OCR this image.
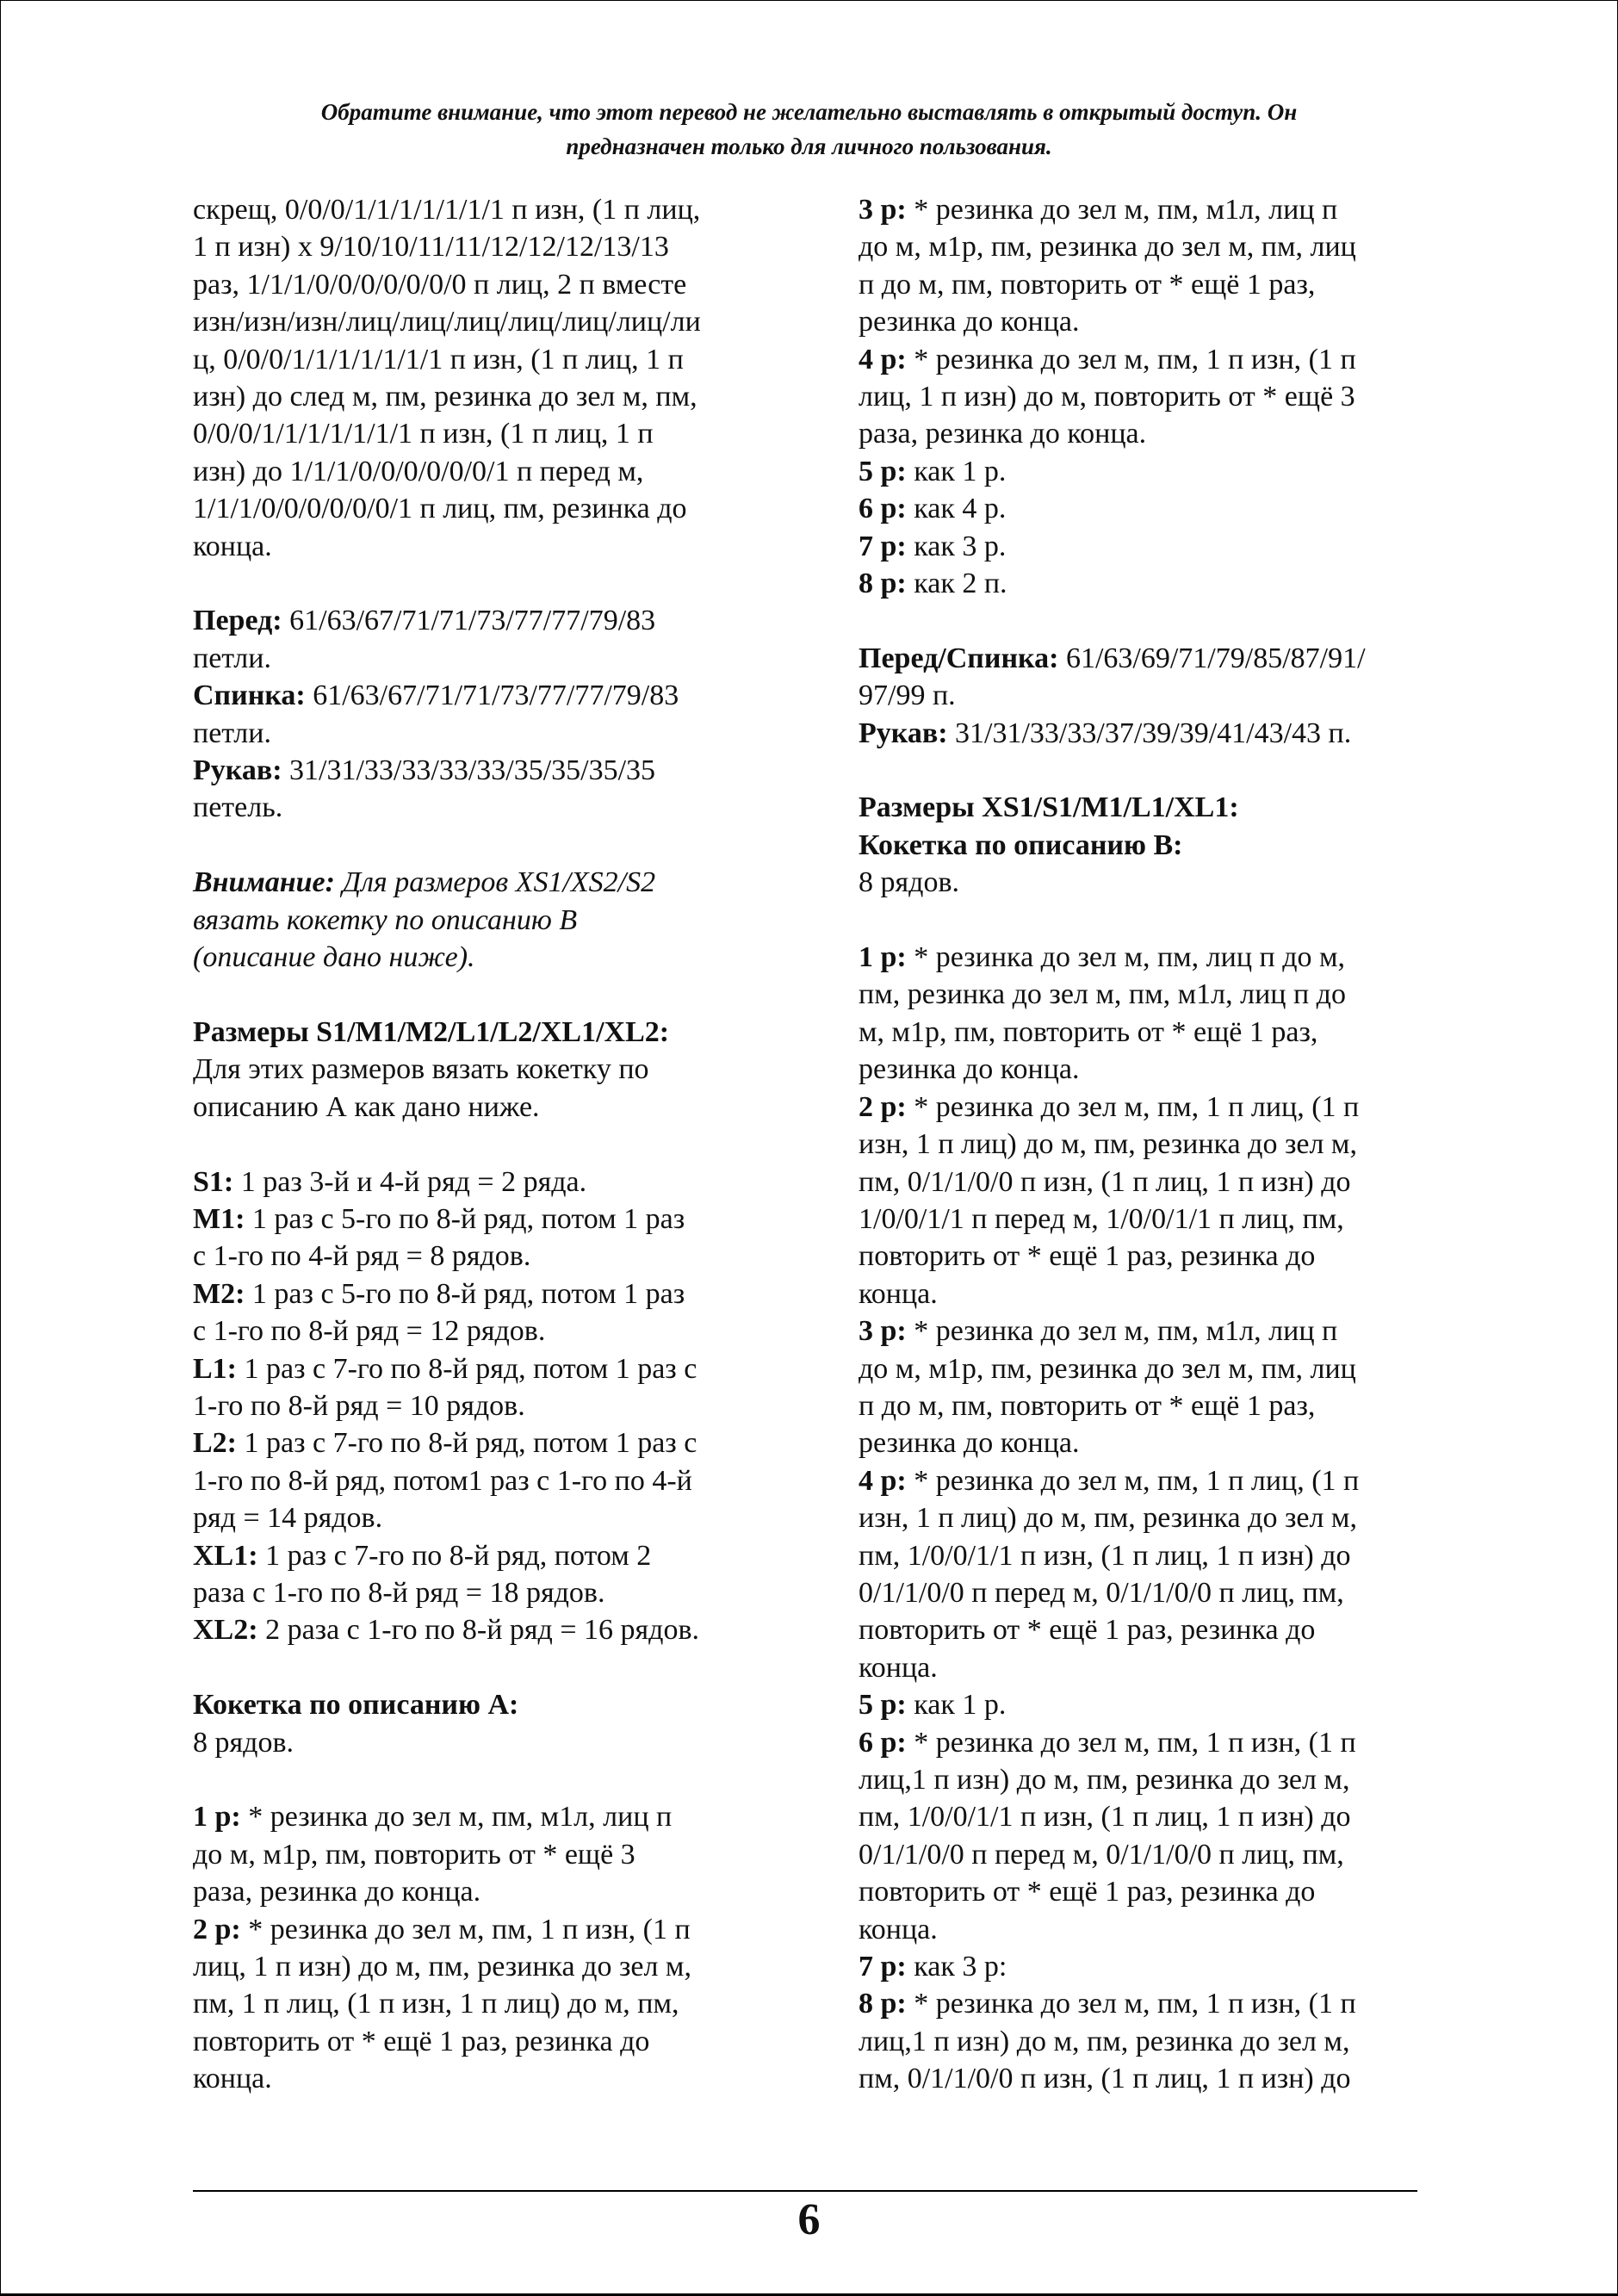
Обратите внимание, что этот перевод не желательно выставлять в открытый доступ. Он
предназначен только для личного пользования.
скрещ, 0/0/0/1/1/1/1/1/1/1 п изн, (1 п лиц,
1 п изн) х 9/10/10/11/11/12/12/12/13/13
раз, 1/1/1/0/0/0/0/0/0/0 п лиц, 2 п вместе
изн/изн/изн/лиц/лиц/лиц/лиц/лиц/лиц/ли
ц, 0/0/0/1/1/1/1/1/1/1 п изн, (1 п лиц, 1 п
изн) до след м, пм, резинка до зел м, пм,
0/0/0/1/1/1/1/1/1/1 п изн, (1 п лиц, 1 п
изн) до 1/1/1/0/0/0/0/0/0/1 п перед м,
1/1/1/0/0/0/0/0/0/1 п лиц, пм, резинка до
конца.
Перед: 61/63/67/71/71/73/77/77/79/83
петли.
Спинка: 61/63/67/71/71/73/77/77/79/83
петли.
Рукав: 31/31/33/33/33/33/35/35/35/35
петель.
Внимание: Для размеров XS1/XS2/S2
вязать кокетку по описанию В
(описание дано ниже).
Размеры S1/M1/M2/L1/L2/XL1/XL2:
Для этих размеров вязать кокетку по
описанию А как дано ниже.
S1: 1 раз 3-й и 4-й ряд = 2 ряда.
M1: 1 раз с 5-го по 8-й ряд, потом 1 раз
с 1-го по 4-й ряд = 8 рядов.
M2: 1 раз с 5-го по 8-й ряд, потом 1 раз
с 1-го по 8-й ряд = 12 рядов.
L1: 1 раз с 7-го по 8-й ряд, потом 1 раз с
1-го по 8-й ряд = 10 рядов.
L2: 1 раз с 7-го по 8-й ряд, потом 1 раз с
1-го по 8-й ряд, потом1 раз с 1-го по 4-й
ряд = 14 рядов.
XL1: 1 раз с 7-го по 8-й ряд, потом 2
раза с 1-го по 8-й ряд = 18 рядов.
XL2: 2 раза с 1-го по 8-й ряд = 16 рядов.
Кокетка по описанию А:
8 рядов.
1 р: * резинка до зел м, пм, м1л, лиц п
до м, м1р, пм, повторить от * ещё 3
раза, резинка до конца.
2 р: * резинка до зел м, пм, 1 п изн, (1 п
лиц, 1 п изн) до м, пм, резинка до зел м,
пм, 1 п лиц, (1 п изн, 1 п лиц) до м, пм,
повторить от * ещё 1 раз, резинка до
конца.
3 р: * резинка до зел м, пм, м1л, лиц п
до м, м1р, пм, резинка до зел м, пм, лиц
п до м, пм, повторить от * ещё 1 раз,
резинка до конца.
4 р: * резинка до зел м, пм, 1 п изн, (1 п
лиц, 1 п изн) до м, повторить от * ещё 3
раза, резинка до конца.
5 р: как 1 р.
6 р: как 4 р.
7 р: как 3 р.
8 р: как 2 п.
Перед/Спинка: 61/63/69/71/79/85/87/91/
97/99 п.
Рукав: 31/31/33/33/37/39/39/41/43/43 п.
Размеры XS1/S1/M1/L1/XL1:
Кокетка по описанию В:
8 рядов.
1 р: * резинка до зел м, пм, лиц п до м,
пм, резинка до зел м, пм, м1л, лиц п до
м, м1р, пм, повторить от * ещё 1 раз,
резинка до конца.
2 р: * резинка до зел м, пм, 1 п лиц, (1 п
изн, 1 п лиц) до м, пм, резинка до зел м,
пм, 0/1/1/0/0 п изн, (1 п лиц, 1 п изн) до
1/0/0/1/1 п перед м, 1/0/0/1/1 п лиц, пм,
повторить от * ещё 1 раз, резинка до
конца.
3 р: * резинка до зел м, пм, м1л, лиц п
до м, м1р, пм, резинка до зел м, пм, лиц
п до м, пм, повторить от * ещё 1 раз,
резинка до конца.
4 р: * резинка до зел м, пм, 1 п лиц, (1 п
изн, 1 п лиц) до м, пм, резинка до зел м,
пм, 1/0/0/1/1 п изн, (1 п лиц, 1 п изн) до
0/1/1/0/0 п перед м, 0/1/1/0/0 п лиц, пм,
повторить от * ещё 1 раз, резинка до
конца.
5 р: как 1 р.
6 р: * резинка до зел м, пм, 1 п изн, (1 п
лиц,1 п изн) до м, пм, резинка до зел м,
пм, 1/0/0/1/1 п изн, (1 п лиц, 1 п изн) до
0/1/1/0/0 п перед м, 0/1/1/0/0 п лиц, пм,
повторить от * ещё 1 раз, резинка до
конца.
7 р: как 3 р:
8 р: * резинка до зел м, пм, 1 п изн, (1 п
лиц,1 п изн) до м, пм, резинка до зел м,
пм, 0/1/1/0/0 п изн, (1 п лиц, 1 п изн) до
6
